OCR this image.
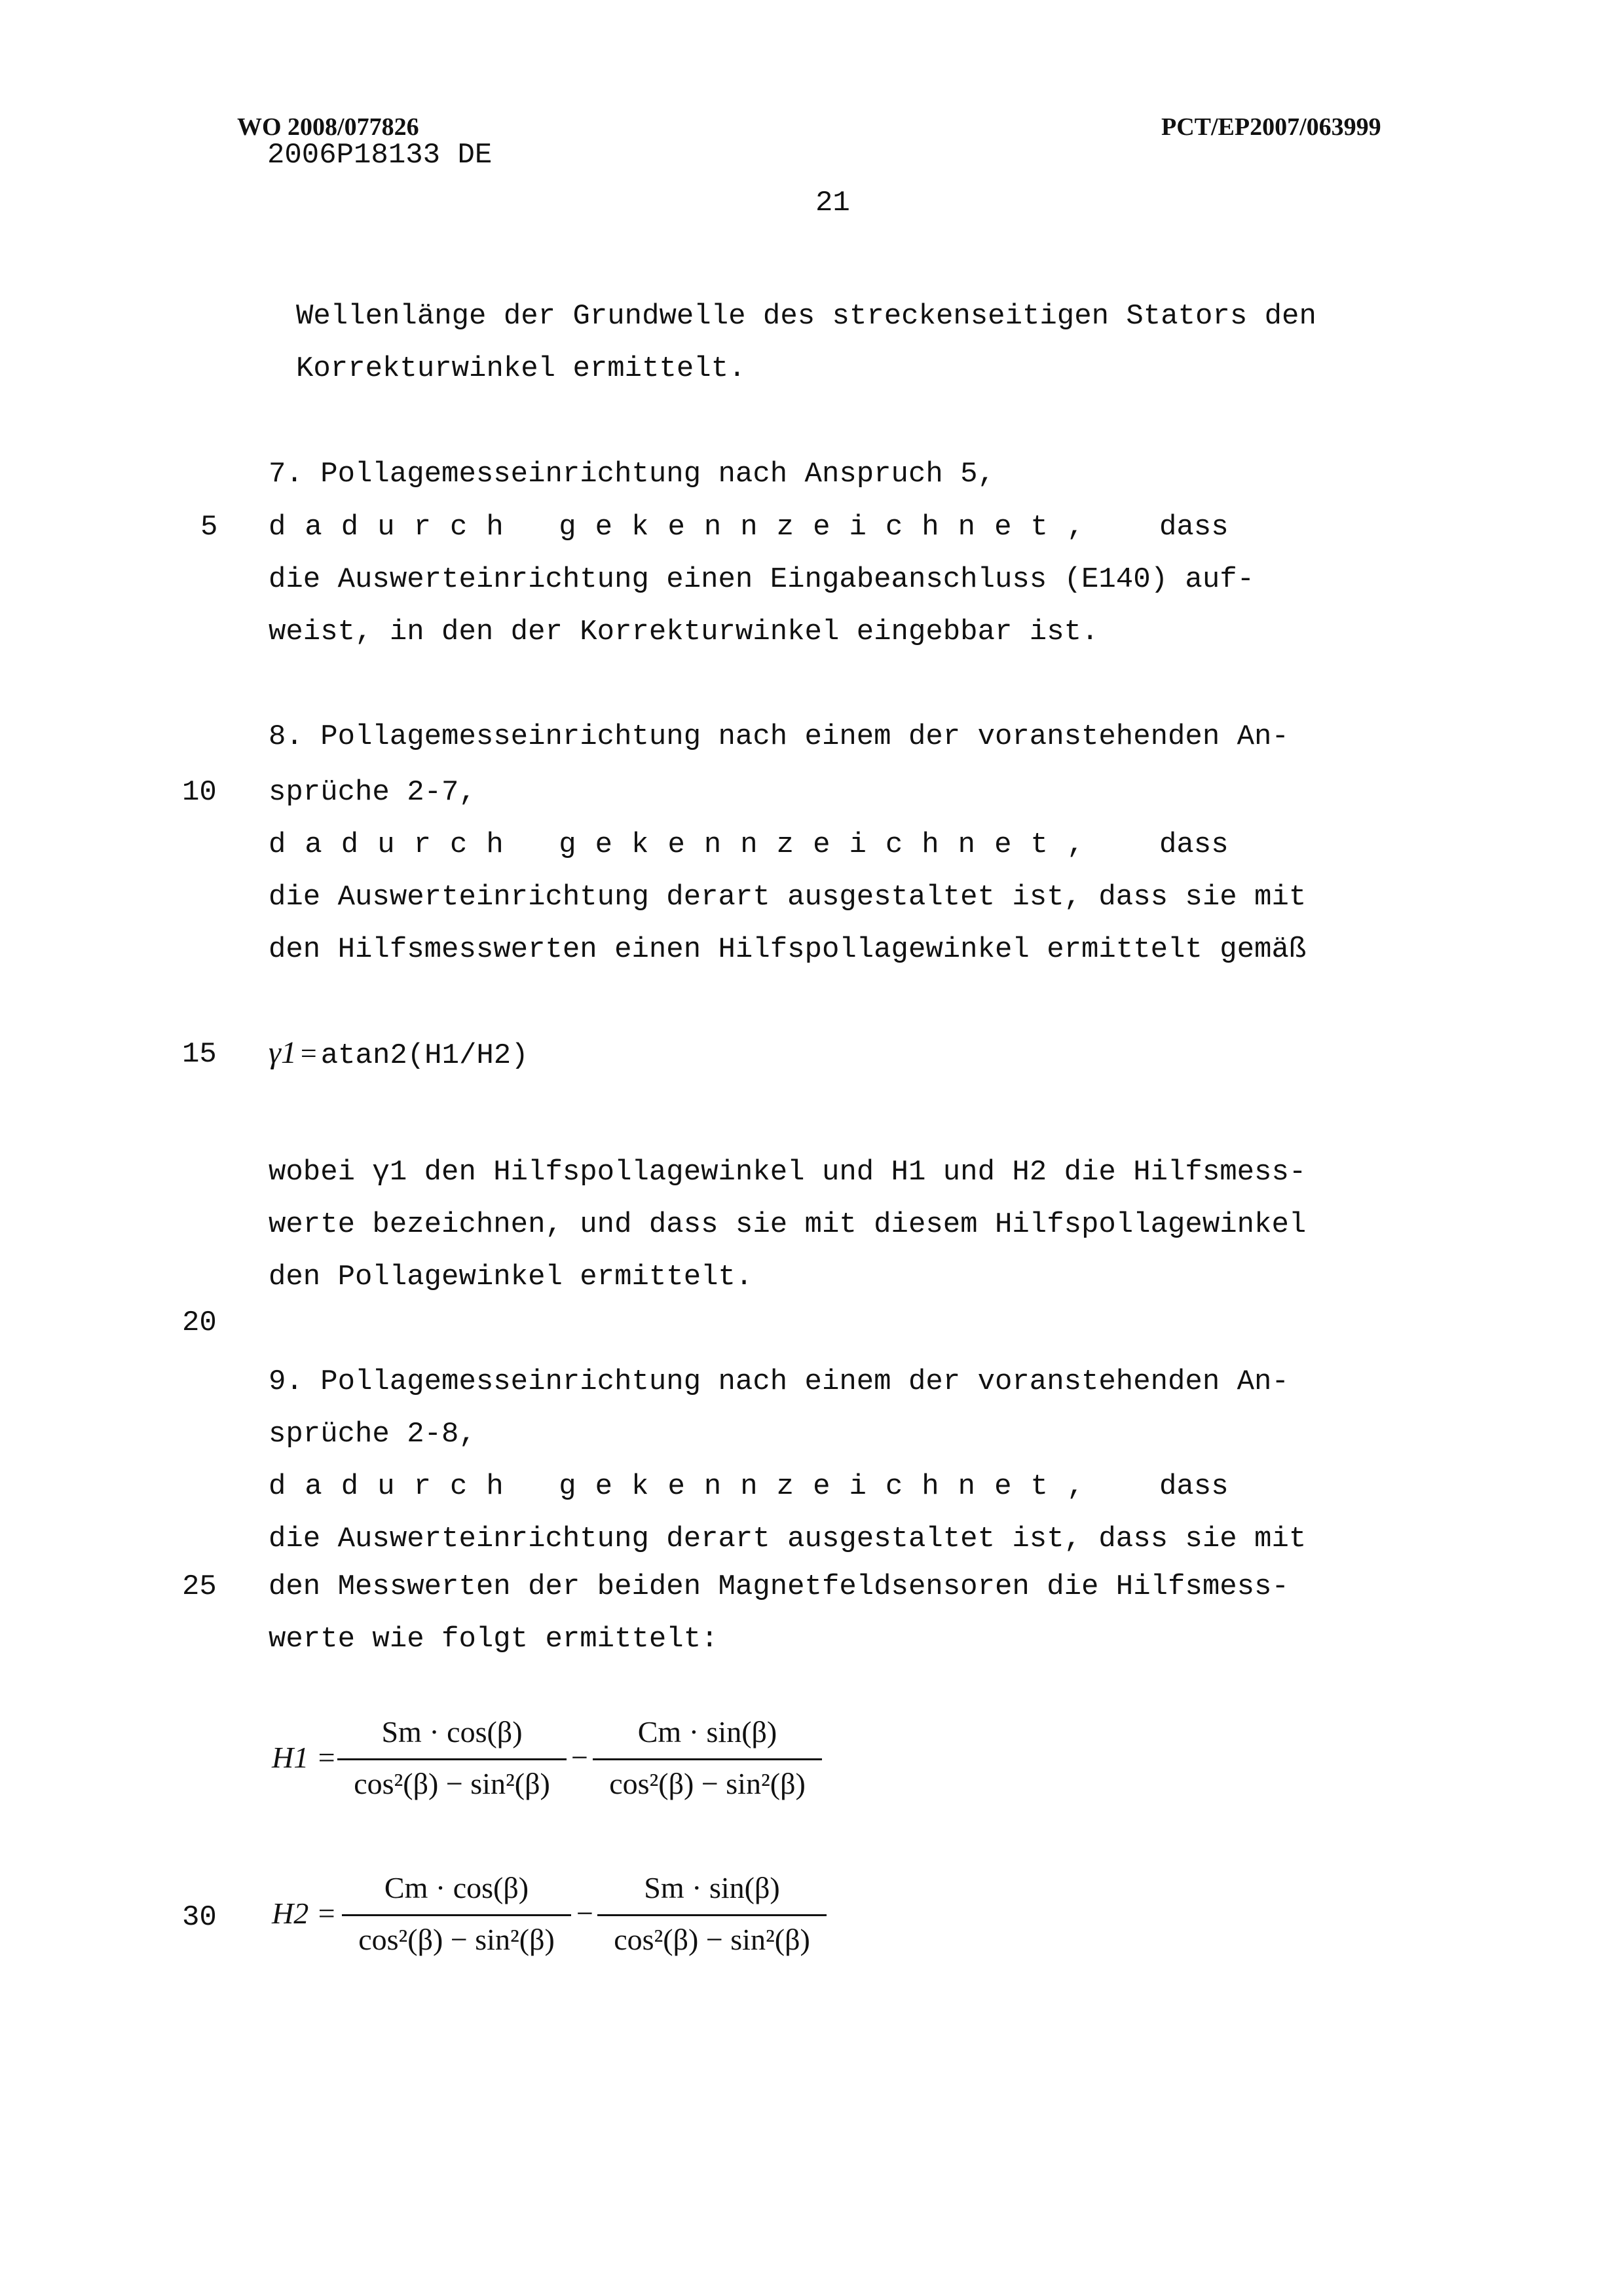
WO 2008/077826	PCT/EP2007/063999
2006P18133 DE
21
5
10
15
20
25
30
Wellenlänge der Grundwelle des streckenseitigen Stators den
Korrekturwinkel ermittelt.
7. Pollagemesseinrichtung nach Anspruch 5,
dadurch gekennzeichnet, dass
die Auswerteinrichtung einen Eingabeanschluss (E140) auf-
weist, in den der Korrekturwinkel eingebbar ist.
8. Pollagemesseinrichtung nach einem der voranstehenden An-
sprüche 2-7,
dadurch gekennzeichnet, dass
die Auswerteinrichtung derart ausgestaltet ist, dass sie mit
den Hilfsmesswerten einen Hilfspollagewinkel ermittelt gemäß
γ1 = atan2(H1/H2)
wobei γ1 den Hilfspollagewinkel und H1 und H2 die Hilfsmess-
werte bezeichnen, und dass sie mit diesem Hilfspollagewinkel
den Pollagewinkel ermittelt.
9. Pollagemesseinrichtung nach einem der voranstehenden An-
sprüche 2-8,
dadurch gekennzeichnet, dass
die Auswerteinrichtung derart ausgestaltet ist, dass sie mit
den Messwerten der beiden Magnetfeldsensoren die Hilfsmess-
werte wie folgt ermittelt:
H1 =
Sm · cos(β)
cos²(β) − sin²(β)
−
Cm · sin(β)
cos²(β) − sin²(β)
H2 =
Cm · cos(β)
cos²(β) − sin²(β)
−
Sm · sin(β)
cos²(β) − sin²(β)
